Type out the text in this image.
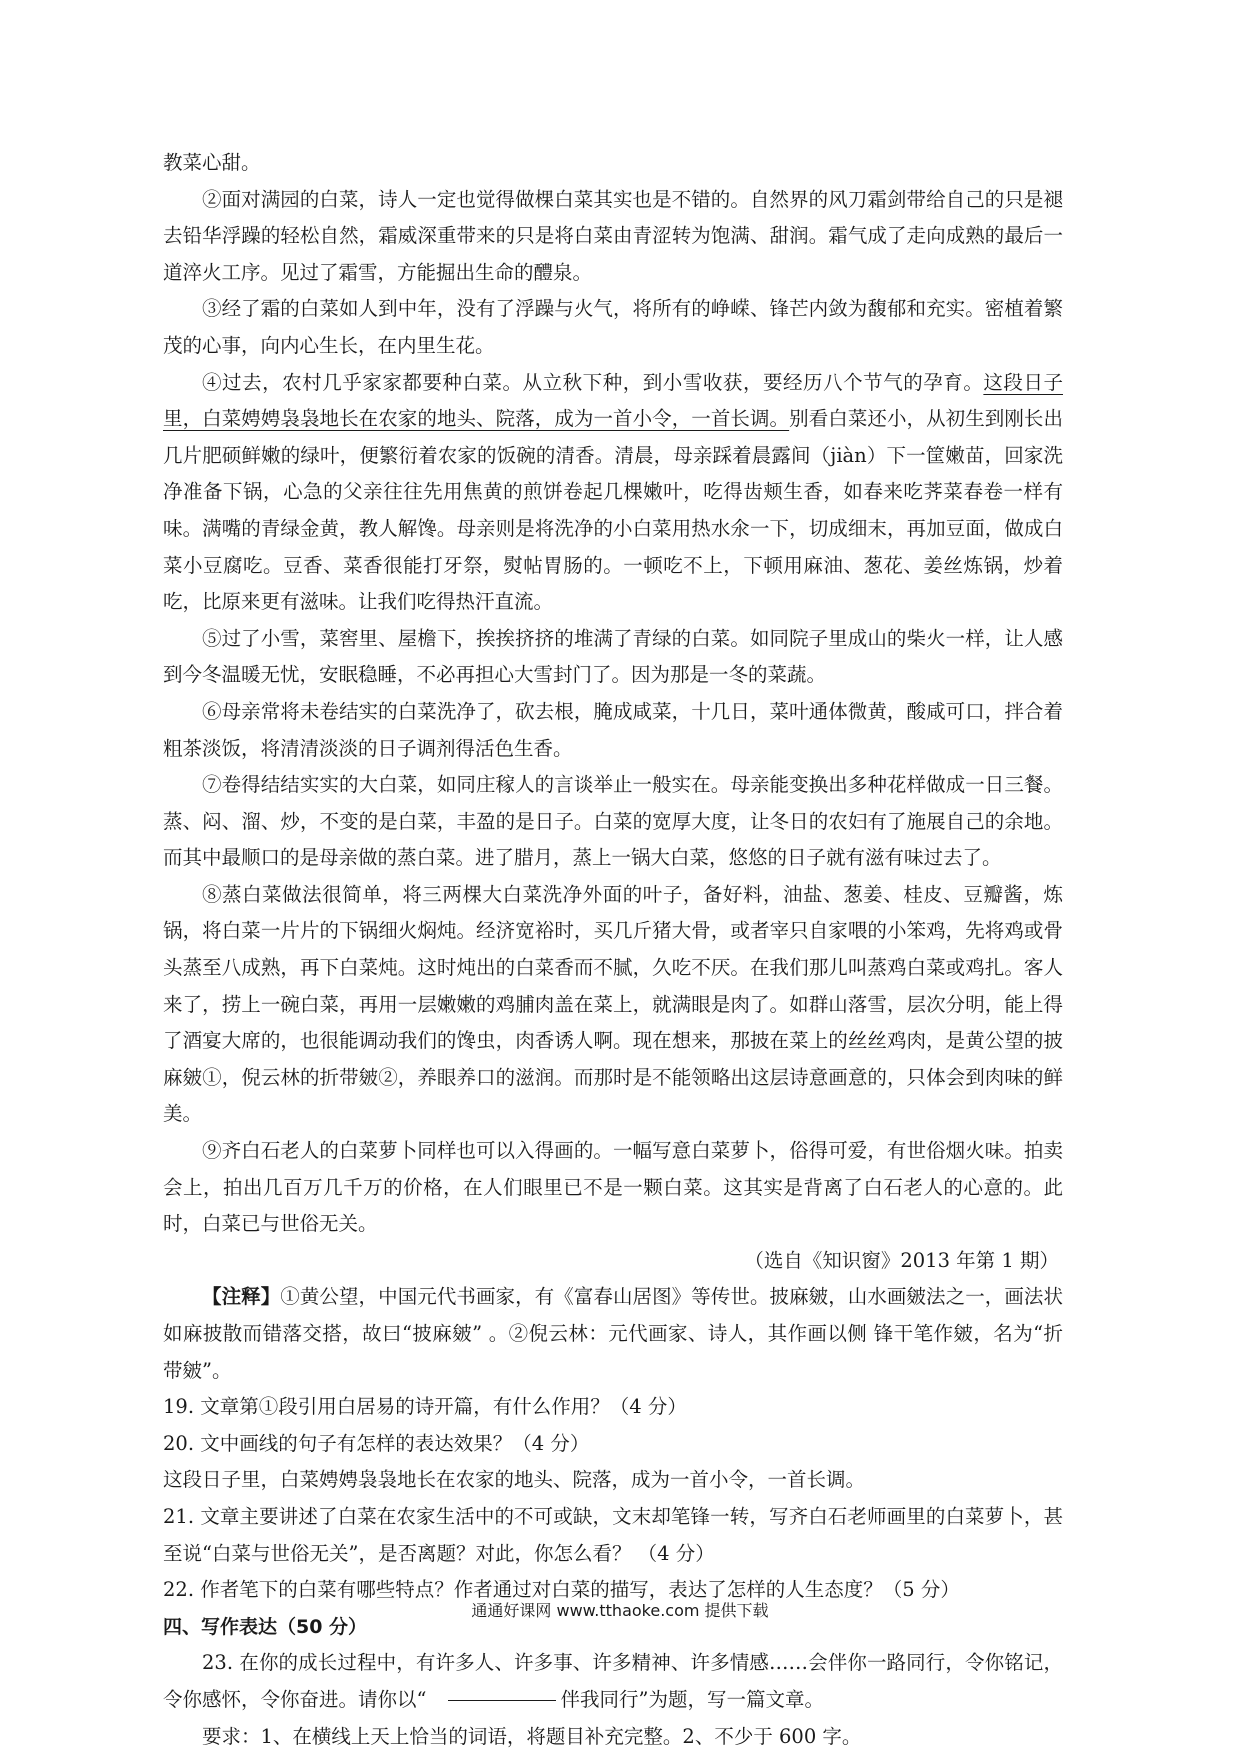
教菜心甜。

②面对满园的白菜，诗人一定也觉得做棵白菜其实也是不错的。自然界的风刀霜剑带给自己的只是褪去铅华浮躁的轻松自然，霜威深重带来的只是将白菜由青涩转为饱满、甜润。霜气成了走向成熟的最后一道淬火工序。见过了霜雪，方能掘出生命的醴泉。

③经了霜的白菜如人到中年，没有了浮躁与火气，将所有的峥嵘、锋芒内敛为馥郁和充实。密植着繁茂的心事，向内心生长，在内里生花。

④过去，农村几乎家家都要种白菜。从立秋下种，到小雪收获，要经历八个节气的孕育。这段日子里，白菜娉娉袅袅地长在农家的地头、院落，成为一首小令，一首长调。别看白菜还小，从初生到刚长出几片肥硕鲜嫩的绿叶，便繁衍着农家的饭碗的清香。清晨，母亲踩着晨露间（jiàn）下一筐嫩苗，回家洗净准备下锅，心急的父亲往往先用焦黄的煎饼卷起几棵嫩叶，吃得齿颊生香，如春来吃荠菜春卷一样有味。满嘴的青绿金黄，教人解馋。母亲则是将洗净的小白菜用热水氽一下，切成细末，再加豆面，做成白菜小豆腐吃。豆香、菜香很能打牙祭，熨帖胃肠的。一顿吃不上，下顿用麻油、葱花、姜丝炼锅，炒着吃，比原来更有滋味。让我们吃得热汗直流。

⑤过了小雪，菜窖里、屋檐下，挨挨挤挤的堆满了青绿的白菜。如同院子里成山的柴火一样，让人感到今冬温暖无忧，安眠稳睡，不必再担心大雪封门了。因为那是一冬的菜蔬。

⑥母亲常将未卷结实的白菜洗净了，砍去根，腌成咸菜，十几日，菜叶通体微黄，酸咸可口，拌合着粗茶淡饭，将清清淡淡的日子调剂得活色生香。

⑦卷得结结实实的大白菜，如同庄稼人的言谈举止一般实在。母亲能变换出多种花样做成一日三餐。蒸、闷、溜、炒，不变的是白菜，丰盈的是日子。白菜的宽厚大度，让冬日的农妇有了施展自己的余地。而其中最顺口的是母亲做的蒸白菜。进了腊月，蒸上一锅大白菜，悠悠的日子就有滋有味过去了。

⑧蒸白菜做法很简单，将三两棵大白菜洗净外面的叶子，备好料，油盐、葱姜、桂皮、豆瓣酱，炼锅，将白菜一片片的下锅细火焖炖。经济宽裕时，买几斤猪大骨，或者宰只自家喂的小笨鸡，先将鸡或骨头蒸至八成熟，再下白菜炖。这时炖出的白菜香而不腻，久吃不厌。在我们那儿叫蒸鸡白菜或鸡扎。客人来了，捞上一碗白菜，再用一层嫩嫩的鸡脯肉盖在菜上，就满眼是肉了。如群山落雪，层次分明，能上得了酒宴大席的，也很能调动我们的馋虫，肉香诱人啊。现在想来，那披在菜上的丝丝鸡肉，是黄公望的披麻皴①，倪云林的折带皴②，养眼养口的滋润。而那时是不能领略出这层诗意画意的，只体会到肉味的鲜美。

⑨齐白石老人的白菜萝卜同样也可以入得画的。一幅写意白菜萝卜，俗得可爱，有世俗烟火味。拍卖会上，拍出几百万几千万的价格，在人们眼里已不是一颗白菜。这其实是背离了白石老人的心意的。此时，白菜已与世俗无关。

（选自《知识窗》2013 年第 1 期）

【注释】①黄公望，中国元代书画家，有《富春山居图》等传世。披麻皴，山水画皴法之一，画法状如麻披散而错落交搭，故曰“披麻皴” 。②倪云林：元代画家、诗人，其作画以侧 锋干笔作皴，名为“折带皴”。

19. 文章第①段引用白居易的诗开篇，有什么作用？（4 分）

20. 文中画线的句子有怎样的表达效果？（4 分）

这段日子里，白菜娉娉袅袅地长在农家的地头、院落，成为一首小令，一首长调。

21. 文章主要讲述了白菜在农家生活中的不可或缺，文末却笔锋一转，写齐白石老师画里的白菜萝卜，甚至说“白菜与世俗无关”，是否离题？对此，你怎么看？ （4 分）

22. 作者笔下的白菜有哪些特点？作者通过对白菜的描写，表达了怎样的人生态度？（5 分）

四、写作表达（50 分）

23. 在你的成长过程中，有许多人、许多事、许多精神、许多情感……会伴你一路同行，令你铭记，令你感怀，令你奋进。请你以“	伴我同行”为题，写一篇文章。

要求：1、在横线上天上恰当的词语，将题目补充完整。2、不少于 600 字。

通通好课网 www.tthaoke.com 提供下载
